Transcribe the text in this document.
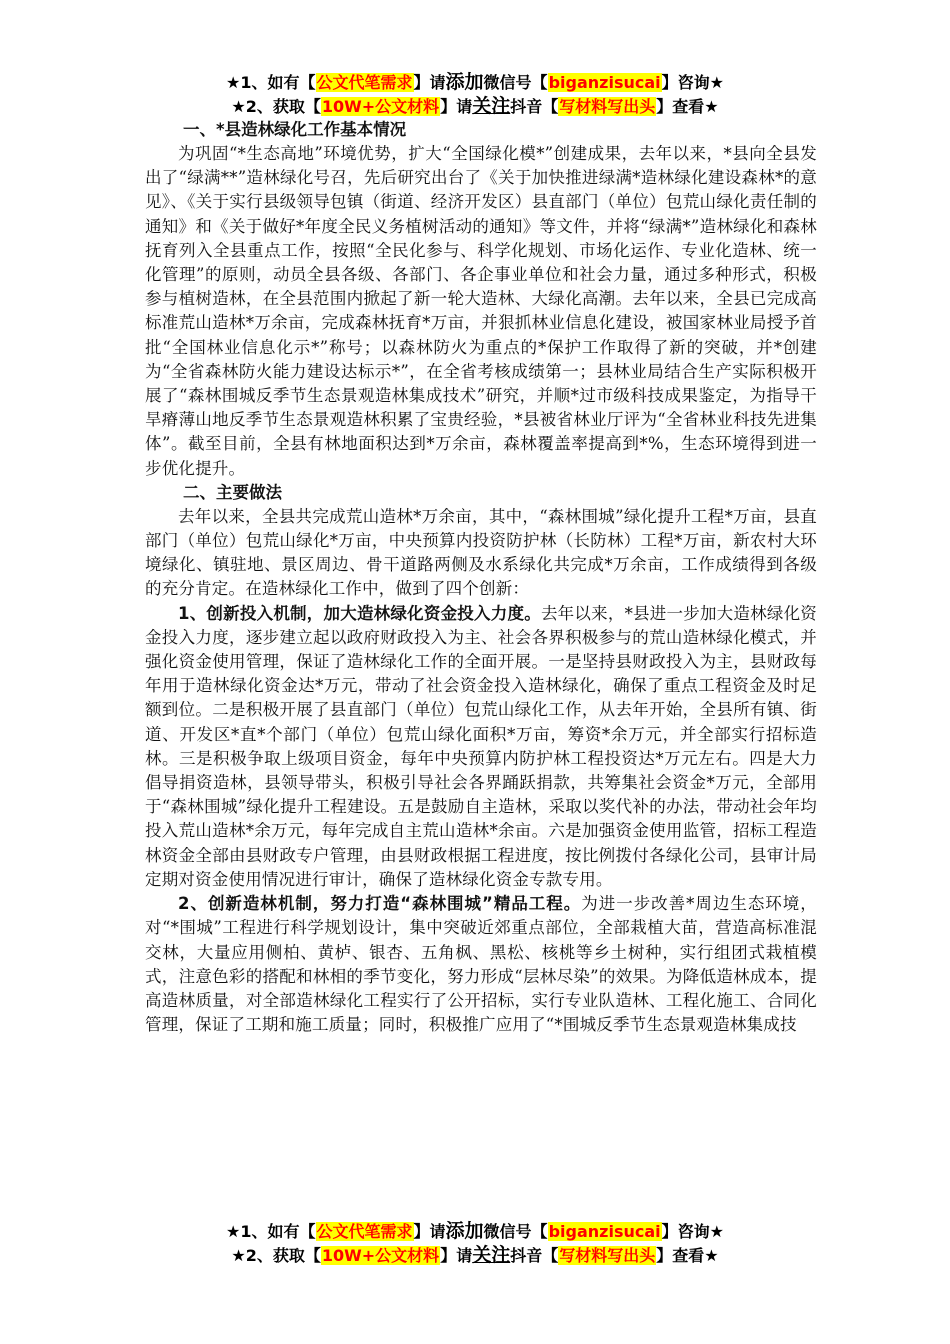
★1、如有【公文代笔需求】请添加微信号【biganzisucai】咨询★
★2、获取【10W+公文材料】请关注抖音【写材料写出头】查看★
一、*县造林绿化工作基本情况

为巩固“*生态高地”环境优势，扩大“全国绿化模*”创建成果，去年以来，*县向全县发出了“绿满**”造林绿化号召，先后研究出台了《关于加快推进绿满*造林绿化建设森林*的意见》、《关于实行县级领导包镇（街道、经济开发区）县直部门（单位）包荒山绿化责任制的通知》和《关于做好*年度全民义务植树活动的通知》等文件，并将“绿满*”造林绿化和森林抚育列入全县重点工作，按照“全民化参与、科学化规划、市场化运作、专业化造林、统一化管理”的原则，动员全县各级、各部门、各企事业单位和社会力量，通过多种形式，积极参与植树造林，在全县范围内掀起了新一轮大造林、大绿化高潮。去年以来，全县已完成高标准荒山造林*万余亩，完成森林抚育*万亩，并狠抓林业信息化建设，被国家林业局授予首批“全国林业信息化示*”称号；以森林防火为重点的*保护工作取得了新的突破，并*创建为“全省森林防火能力建设达标示*”，在全省考核成绩第一；县林业局结合生产实际积极开展了“森林围城反季节生态景观造林集成技术”研究，并顺*过市级科技成果鉴定，为指导干旱瘠薄山地反季节生态景观造林积累了宝贵经验，*县被省林业厅评为“全省林业科技先进集体”。截至目前，全县有林地面积达到*万余亩，森林覆盖率提高到*%，生态环境得到进一步优化提升。

二、主要做法

去年以来，全县共完成荒山造林*万余亩，其中，“森林围城”绿化提升工程*万亩，县直部门（单位）包荒山绿化*万亩，中央预算内投资防护林（长防林）工程*万亩，新农村大环境绿化、镇驻地、景区周边、骨干道路两侧及水系绿化共完成*万余亩，工作成绩得到各级的充分肯定。在造林绿化工作中，做到了四个创新：

1、创新投入机制，加大造林绿化资金投入力度。去年以来，*县进一步加大造林绿化资金投入力度，逐步建立起以政府财政投入为主、社会各界积极参与的荒山造林绿化模式，并强化资金使用管理，保证了造林绿化工作的全面开展。一是坚持县财政投入为主，县财政每年用于造林绿化资金达*万元，带动了社会资金投入造林绿化，确保了重点工程资金及时足额到位。二是积极开展了县直部门（单位）包荒山绿化工作，从去年开始，全县所有镇、街道、开发区*直*个部门（单位）包荒山绿化面积*万亩，筹资*余万元，并全部实行招标造林。三是积极争取上级项目资金，每年中央预算内防护林工程投资达*万元左右。四是大力倡导捐资造林，县领导带头，积极引导社会各界踊跃捐款，共筹集社会资金*万元，全部用于“森林围城”绿化提升工程建设。五是鼓励自主造林，采取以奖代补的办法，带动社会年均投入荒山造林*余万元，每年完成自主荒山造林*余亩。六是加强资金使用监管，招标工程造林资金全部由县财政专户管理，由县财政根据工程进度，按比例拨付各绿化公司，县审计局定期对资金使用情况进行审计，确保了造林绿化资金专款专用。

2、创新造林机制，努力打造“森林围城”精品工程。为进一步改善*周边生态环境，对“*围城”工程进行科学规划设计，集中突破近郊重点部位，全部栽植大苗，营造高标准混交林，大量应用侧柏、黄栌、银杏、五角枫、黑松、核桃等乡土树种，实行组团式栽植模式，注意色彩的搭配和林相的季节变化，努力形成“层林尽染”的效果。为降低造林成本，提高造林质量，对全部造林绿化工程实行了公开招标，实行专业队造林、工程化施工、合同化管理，保证了工期和施工质量；同时，积极推广应用了“*围城反季节生态景观造林集成技

★1、如有【公文代笔需求】请添加微信号【biganzisucai】咨询★
★2、获取【10W+公文材料】请关注抖音【写材料写出头】查看★
